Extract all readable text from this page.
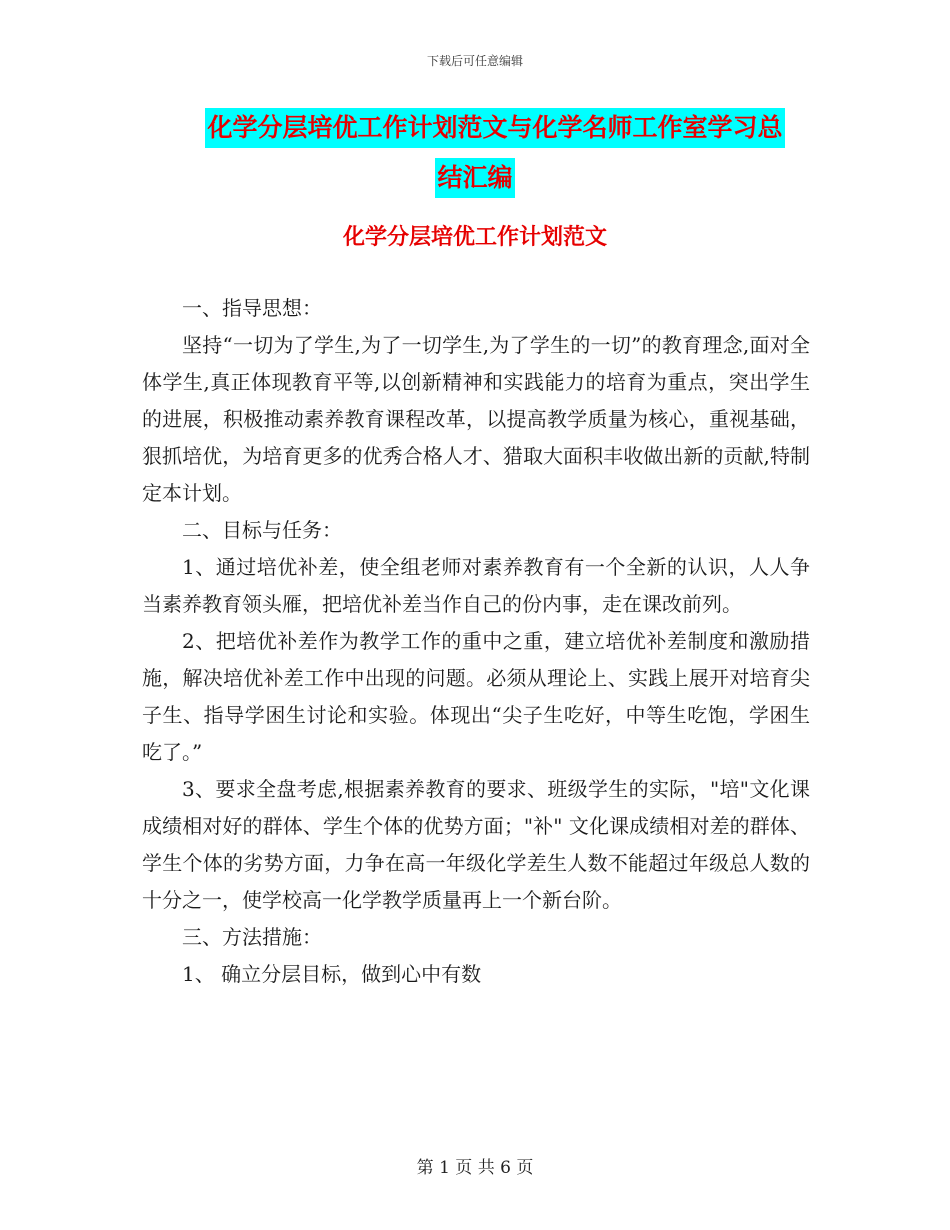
下载后可任意编辑
化学分层培优工作计划范文与化学名师工作室学习总
结汇编
化学分层培优工作计划范文

一、指导思想：

坚持“一切为了学生,为了一切学生,为了学生的一切”的教育理念,面对全体学生,真正体现教育平等,以创新精神和实践能力的培育为重点，突出学生的进展，积极推动素养教育课程改革，以提高教学质量为核心，重视基础，狠抓培优，为培育更多的优秀合格人才、猎取大面积丰收做出新的贡献,特制定本计划。

二、目标与任务：

1、通过培优补差，使全组老师对素养教育有一个全新的认识，人人争当素养教育领头雁，把培优补差当作自己的份内事，走在课改前列。

2、把培优补差作为教学工作的重中之重，建立培优补差制度和激励措施，解决培优补差工作中出现的问题。必须从理论上、实践上展开对培育尖子生、指导学困生讨论和实验。体现出“尖子生吃好，中等生吃饱，学困生吃了。”

3、要求全盘考虑,根据素养教育的要求、班级学生的实际，"培"文化课成绩相对好的群体、学生个体的优势方面；"补" 文化课成绩相对差的群体、学生个体的劣势方面，力争在高一年级化学差生人数不能超过年级总人数的十分之一，使学校高一化学教学质量再上一个新台阶。

三、方法措施：

1、 确立分层目标，做到心中有数

第 1 页 共 6 页
